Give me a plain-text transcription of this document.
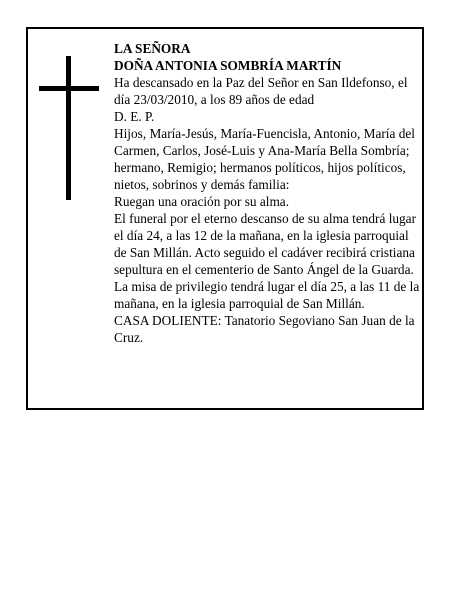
LA SEÑORA

DOÑA ANTONIA SOMBRÍA MARTÍN

Ha descansado en la Paz del Señor en San Ildefonso, el día 23/03/2010, a los 89 años de edad

D. E. P.

Hijos, María-Jesús, María-Fuencisla, Antonio, María del Carmen, Carlos, José-Luis y Ana-María Bella Sombría; hermano, Remigio; hermanos políticos, hijos políticos, nietos, sobrinos y demás familia:

Ruegan una oración por su alma.

El funeral por el eterno descanso de su alma tendrá lugar el día 24, a las 12 de la mañana, en la iglesia parroquial de San Millán. Acto seguido el cadáver recibirá cristiana sepultura en el cementerio de Santo Ángel de la Guarda. La misa de privilegio tendrá lugar el día 25, a las 11 de la mañana, en la iglesia parroquial de San Millán.

CASA DOLIENTE: Tanatorio Segoviano San Juan de la Cruz.
